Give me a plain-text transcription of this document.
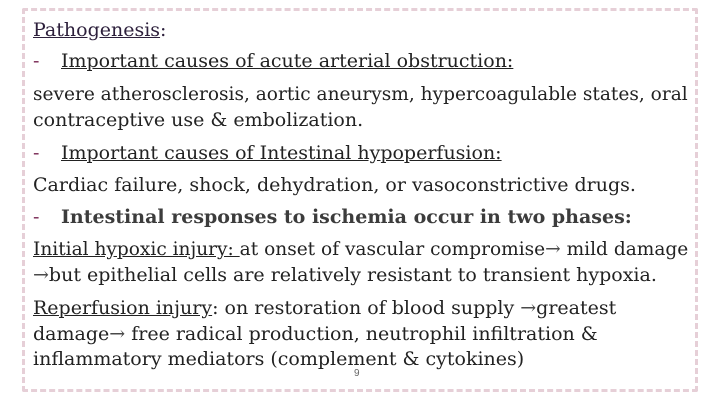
Pathogenesis:
- Important causes of acute arterial obstruction:
severe atherosclerosis, aortic aneurysm, hypercoagulable states, oral
contraceptive use & embolization.
- Important causes of Intestinal hypoperfusion:
Cardiac failure, shock, dehydration, or vasoconstrictive drugs.
- Intestinal responses to ischemia occur in two phases:
Initial hypoxic injury: at onset of vascular compromise→ mild damage
→but epithelial cells are relatively resistant to transient hypoxia.
Reperfusion injury: on restoration of blood supply →greatest
damage→ free radical production, neutrophil infiltration &
inflammatory mediators (complement & cytokines)
9
